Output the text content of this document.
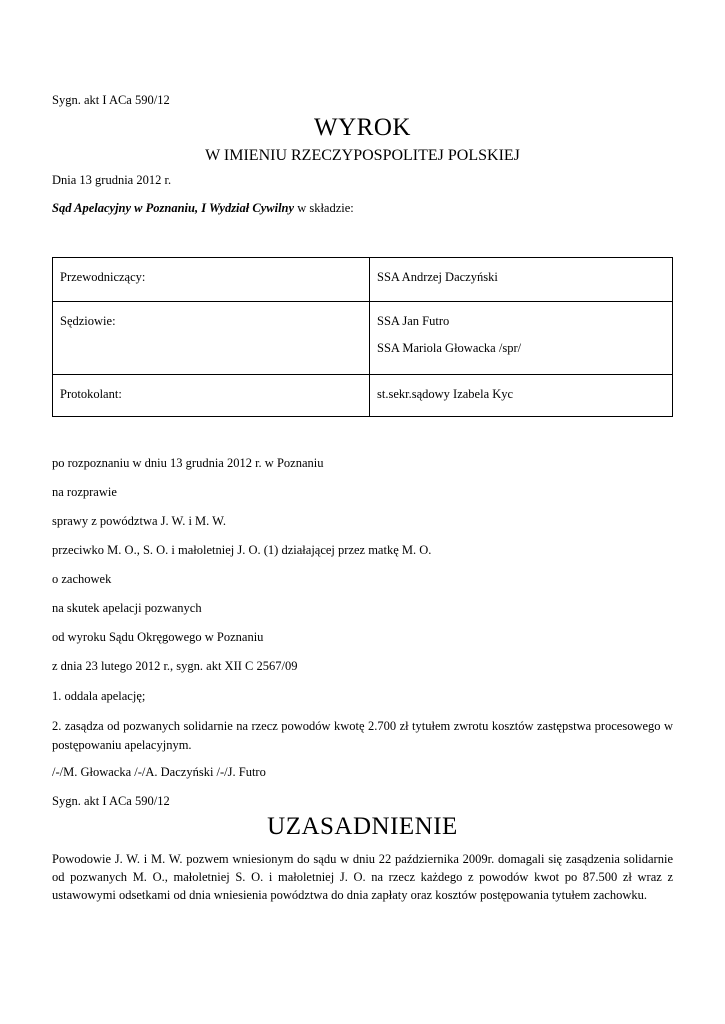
Sygn. akt I ACa 590/12

WYROK

W IMIENIU RZECZYPOSPOLITEJ POLSKIEJ

Dnia 13 grudnia 2012 r.

Sąd Apelacyjny w Poznaniu, I Wydział Cywilny w składzie:

Przewodniczący:	SSA Andrzej Daczyński

Sędziowie:	SSA Jan Futro
SSA Mariola Głowacka /spr/

Protokolant:	st.sekr.sądowy Izabela Kyc

po rozpoznaniu w dniu 13 grudnia 2012 r. w Poznaniu

na rozprawie

sprawy z powództwa J. W. i M. W.

przeciwko M. O., S. O. i małoletniej J. O. (1) działającej przez matkę M. O.

o zachowek

na skutek apelacji pozwanych

od wyroku Sądu Okręgowego w Poznaniu

z dnia 23 lutego 2012 r., sygn. akt XII C 2567/09

1. oddala apelację;

2. zasądza od pozwanych solidarnie na rzecz powodów kwotę 2.700 zł tytułem zwrotu kosztów zastępstwa procesowego w postępowaniu apelacyjnym.

/-/M. Głowacka /-/A. Daczyński /-/J. Futro

Sygn. akt I ACa 590/12

UZASADNIENIE

Powodowie J. W. i M. W. pozwem wniesionym do sądu w dniu 22 października 2009r. domagali się zasądzenia solidarnie od pozwanych M. O., małoletniej S. O. i małoletniej J. O. na rzecz każdego z powodów kwot po 87.500 zł wraz z ustawowymi odsetkami od dnia wniesienia powództwa do dnia zapłaty oraz kosztów postępowania tytułem zachowku.
